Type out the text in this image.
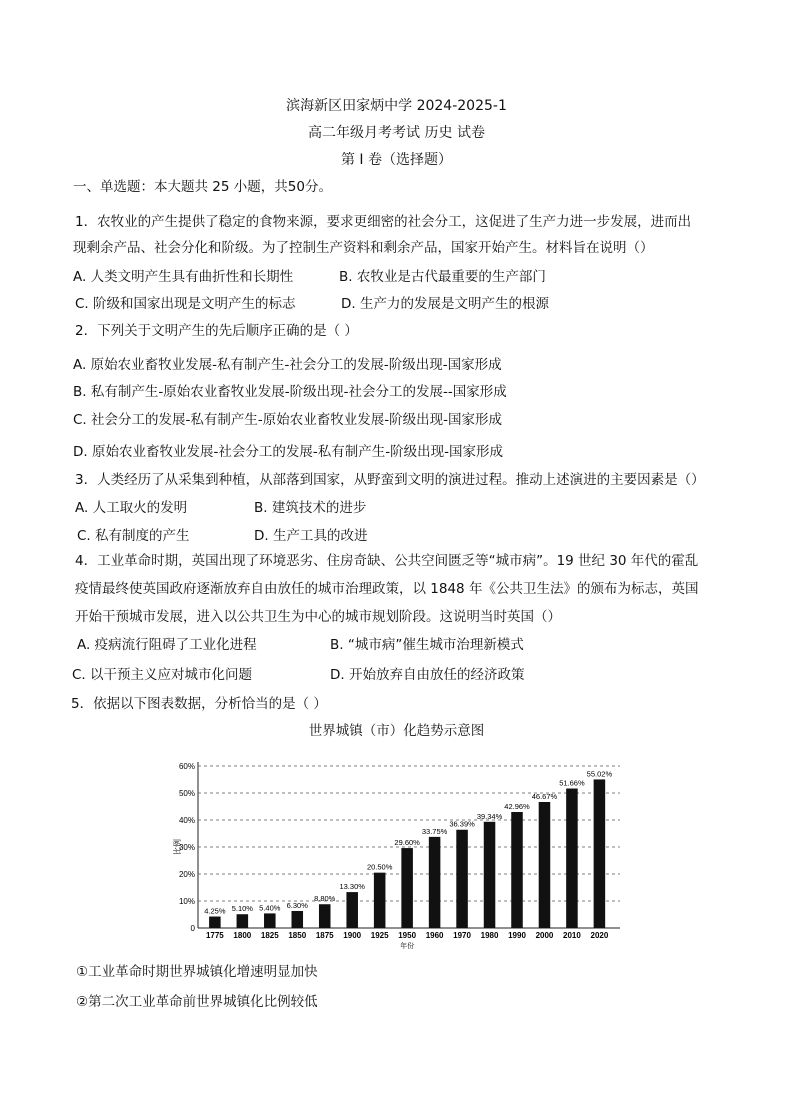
滨海新区田家炳中学 2024-2025-1
高二年级月考考试 历史 试卷
第 I 卷（选择题）
一、单选题：本大题共 25 小题，共50分。
1．农牧业的产生提供了稳定的食物来源，要求更细密的社会分工，这促进了生产力进一步发展，进而出
现剩余产品、社会分化和阶级。为了控制生产资料和剩余产品，国家开始产生。材料旨在说明（）
A. 人类文明产生具有曲折性和长期性	B. 农牧业是古代最重要的生产部门
C. 阶级和国家出现是文明产生的标志	D. 生产力的发展是文明产生的根源
2．下列关于文明产生的先后顺序正确的是（ ）
A. 原始农业畜牧业发展-私有制产生-社会分工的发展-阶级出现-国家形成
B. 私有制产生-原始农业畜牧业发展-阶级出现-社会分工的发展--国家形成
C. 社会分工的发展-私有制产生-原始农业畜牧业发展-阶级出现-国家形成
D. 原始农业畜牧业发展-社会分工的发展-私有制产生-阶级出现-国家形成
3．人类经历了从采集到种植，从部落到国家，从野蛮到文明的演进过程。推动上述演进的主要因素是（）
A. 人工取火的发明	B. 建筑技术的进步
C. 私有制度的产生	D. 生产工具的改进
4．工业革命时期，英国出现了环境恶劣、住房奇缺、公共空间匮乏等“城市病”。19 世纪 30 年代的霍乱
疫情最终使英国政府逐渐放弃自由放任的城市治理政策，以 1848 年《公共卫生法》的颁布为标志，英国
开始干预城市发展，进入以公共卫生为中心的城市规划阶段。这说明当时英国（）
A. 疫病流行阻碍了工业化进程	B. “城市病”催生城市治理新模式
C. 以干预主义应对城市化问题	D. 开始放弃自由放任的经济政策
5．依据以下图表数据，分析恰当的是（ ）
世界城镇（市）化趋势示意图
0
10%
20%
30%
40%
50%
60%
比例
4.25%
1775
5.10%
1800
5.40%
1825
6.30%
1850
8.80%
1875
13.30%
1900
20.50%
1925
29.60%
1950
33.75%
1960
36.39%
1970
39.34%
1980
42.96%
1990
46.67%
2000
51.66%
2010
55.02%
2020
年份
①工业革命时期世界城镇化增速明显加快
②第二次工业革命前世界城镇化比例较低
